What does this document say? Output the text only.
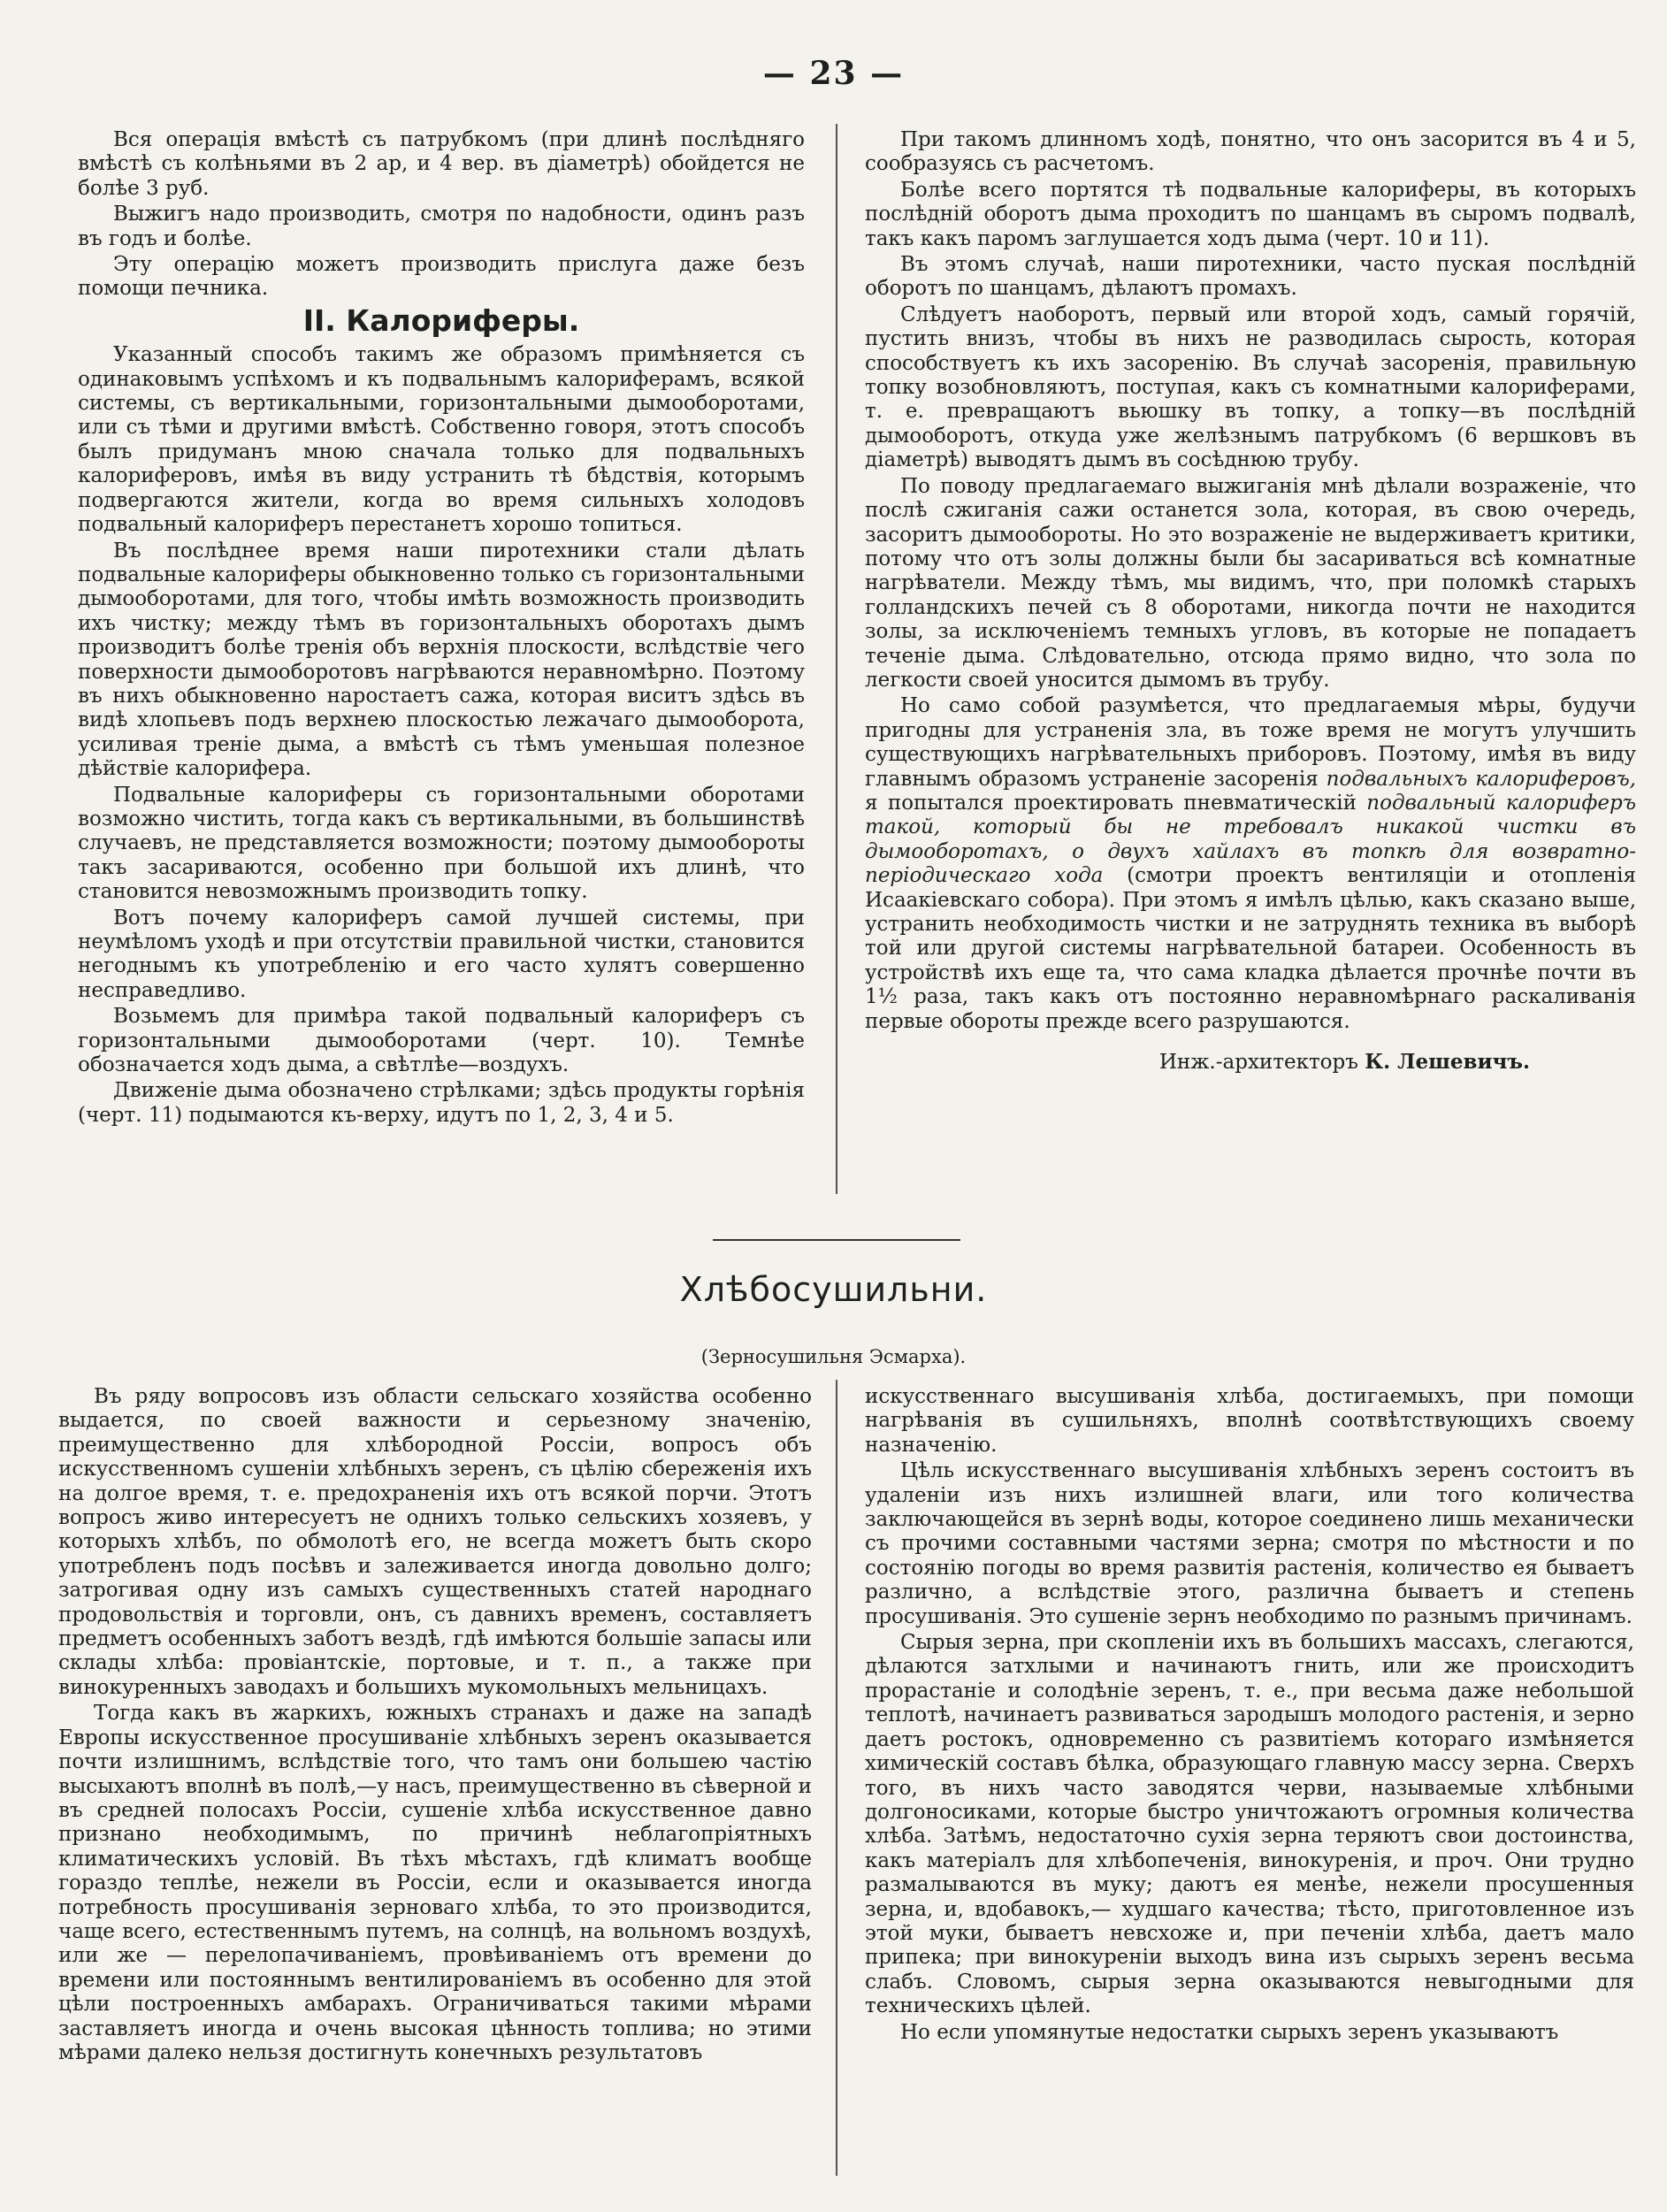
— 23 —

Вся операція вмѣстѣ съ патрубкомъ (при длинѣ послѣдняго вмѣстѣ съ колѣньями въ 2 ар, и 4 вер. въ діаметрѣ) обойдется не болѣе 3 руб.

Выжигъ надо производить, смотря по надобности, одинъ разъ въ годъ и болѣе.

Эту операцію можетъ производить прислуга даже безъ помощи печника.

II. Калориферы.

Указанный способъ такимъ же образомъ примѣняется съ одинаковымъ успѣхомъ и къ подвальнымъ калориферамъ, всякой системы, съ вертикальными, горизонтальными дымооборотами, или съ тѣми и другими вмѣстѣ. Собственно говоря, этотъ способъ былъ придуманъ мною сначала только для подвальныхъ калориферовъ, имѣя въ виду устранить тѣ бѣдствія, которымъ подвергаются жители, когда во время сильныхъ холодовъ подвальный калориферъ перестанетъ хорошо топиться.

Въ послѣднее время наши пиротехники стали дѣлать подвальные калориферы обыкновенно только съ горизонтальными дымооборотами, для того, чтобы имѣть возможность производить ихъ чистку; между тѣмъ въ горизонтальныхъ оборотахъ дымъ производитъ болѣе тренія объ верхнія плоскости, вслѣдствіе чего поверхности дымооборотовъ нагрѣваются неравномѣрно. Поэтому въ нихъ обыкновенно наростаетъ сажа, которая виситъ здѣсь въ видѣ хлопьевъ подъ верхнею плоскостью лежачаго дымооборота, усиливая треніе дыма, а вмѣстѣ съ тѣмъ уменьшая полезное дѣйствіе калорифера.

Подвальные калориферы съ горизонтальными оборотами возможно чистить, тогда какъ съ вертикальными, въ большинствѣ случаевъ, не представляется возможности; поэтому дымообороты такъ засариваются, особенно при большой ихъ длинѣ, что становится невозможнымъ производить топку.

Вотъ почему калориферъ самой лучшей системы, при неумѣломъ уходѣ и при отсутствіи правильной чистки, становится негоднымъ къ употребленію и его часто хулятъ совершенно несправедливо.

Возьмемъ для примѣра такой подвальный калориферъ съ горизонтальными дымооборотами (черт. 10). Темнѣе обозначается ходъ дыма, а свѣтлѣе—воздухъ.

Движеніе дыма обозначено стрѣлками; здѣсь продукты горѣнія (черт. 11) подымаются къ-верху, идутъ по 1, 2, 3, 4 и 5.

При такомъ длинномъ ходѣ, понятно, что онъ засорится въ 4 и 5, сообразуясь съ расчетомъ.

Болѣе всего портятся тѣ подвальные калориферы, въ которыхъ послѣдній оборотъ дыма проходитъ по шанцамъ въ сыромъ подвалѣ, такъ какъ паромъ заглушается ходъ дыма (черт. 10 и 11).

Въ этомъ случаѣ, наши пиротехники, часто пуская послѣдній оборотъ по шанцамъ, дѣлаютъ промахъ.

Слѣдуетъ наоборотъ, первый или второй ходъ, самый горячій, пустить внизъ, чтобы въ нихъ не разводилась сырость, которая способствуетъ къ ихъ засоренію. Въ случаѣ засоренія, правильную топку возобновляютъ, поступая, какъ съ комнатными калориферами, т. е. превращаютъ вьюшку въ топку, а топку—въ послѣдній дымооборотъ, откуда уже желѣзнымъ патрубкомъ (6 вершковъ въ діаметрѣ) выводятъ дымъ въ сосѣднюю трубу.

По поводу предлагаемаго выжиганія мнѣ дѣлали возраженіе, что послѣ сжиганія сажи останется зола, которая, въ свою очередь, засоритъ дымообороты. Но это возраженіе не выдерживаетъ критики, потому что отъ золы должны были бы засариваться всѣ комнатные нагрѣватели. Между тѣмъ, мы видимъ, что, при поломкѣ старыхъ голландскихъ печей съ 8 оборотами, никогда почти не находится золы, за исключеніемъ темныхъ угловъ, въ которые не попадаетъ теченіе дыма. Слѣдовательно, отсюда прямо видно, что зола по легкости своей уносится дымомъ въ трубу.

Но само собой разумѣется, что предлагаемыя мѣры, будучи пригодны для устраненія зла, въ тоже время не могутъ улучшить существующихъ нагрѣвательныхъ приборовъ. Поэтому, имѣя въ виду главнымъ образомъ устраненіе засоренія подвальныхъ калориферовъ, я попытался проектировать пневматическій подвальный калориферъ такой, который бы не требовалъ никакой чистки въ дымооборотахъ, о двухъ хайлахъ въ топкѣ для возвратно-періодическаго хода (смотри проектъ вентиляціи и отопленія Исаакіевскаго собора). При этомъ я имѣлъ цѣлью, какъ сказано выше, устранить необходимость чистки и не затруднять техника въ выборѣ той или другой системы нагрѣвательной батареи. Особенность въ устройствѣ ихъ еще та, что сама кладка дѣлается прочнѣе почти въ 1½ раза, такъ какъ отъ постоянно неравномѣрнаго раскаливанія первые обороты прежде всего разрушаются.

Инж.-архитекторъ К. Лешевичъ.

Хлѣбосушильни.
(Зерносушильня Эсмарха).

Въ ряду вопросовъ изъ области сельскаго хозяйства особенно выдается, по своей важности и серьезному значенію, преимущественно для хлѣбородной Россіи, вопросъ объ искусственномъ сушеніи хлѣбныхъ зеренъ, съ цѣлію сбереженія ихъ на долгое время, т. е. предохраненія ихъ отъ всякой порчи. Этотъ вопросъ живо интересуетъ не однихъ только сельскихъ хозяевъ, у которыхъ хлѣбъ, по обмолотѣ его, не всегда можетъ быть скоро употребленъ подъ посѣвъ и залеживается иногда довольно долго; затрогивая одну изъ самыхъ существенныхъ статей народнаго продовольствія и торговли, онъ, съ давнихъ временъ, составляетъ предметъ особенныхъ заботъ вездѣ, гдѣ имѣются большіе запасы или склады хлѣба: провіантскіе, портовые, и т. п., а также при винокуренныхъ заводахъ и большихъ мукомольныхъ мельницахъ.

Тогда какъ въ жаркихъ, южныхъ странахъ и даже на западѣ Европы искусственное просушиваніе хлѣбныхъ зеренъ оказывается почти излишнимъ, вслѣдствіе того, что тамъ они большею частію высыхаютъ вполнѣ въ полѣ,—у насъ, преимущественно въ сѣверной и въ средней полосахъ Россіи, сушеніе хлѣба искусственное давно признано необходимымъ, по причинѣ неблагопріятныхъ климатическихъ условій. Въ тѣхъ мѣстахъ, гдѣ климатъ вообще гораздо теплѣе, нежели въ Россіи, если и оказывается иногда потребность просушиванія зерноваго хлѣба, то это производится, чаще всего, естественнымъ путемъ, на солнцѣ, на вольномъ воздухѣ, или же — перелопачиваніемъ, провѣиваніемъ отъ времени до времени или постояннымъ вентилированіемъ въ особенно для этой цѣли построенныхъ амбарахъ. Ограничиваться такими мѣрами заставляетъ иногда и очень высокая цѣнность топлива; но этими мѣрами далеко нельзя достигнуть конечныхъ результатовъ

искусственнаго высушиванія хлѣба, достигаемыхъ, при помощи нагрѣванія въ сушильняхъ, вполнѣ соотвѣтствующихъ своему назначенію.

Цѣль искусственнаго высушиванія хлѣбныхъ зеренъ состоитъ въ удаленіи изъ нихъ излишней влаги, или того количества заключающейся въ зернѣ воды, которое соединено лишь механически съ прочими составными частями зерна; смотря по мѣстности и по состоянію погоды во время развитія растенія, количество ея бываетъ различно, а вслѣдствіе этого, различна бываетъ и степень просушиванія. Это сушеніе зернъ необходимо по разнымъ причинамъ.

Сырыя зерна, при скопленіи ихъ въ большихъ массахъ, слегаются, дѣлаются затхлыми и начинаютъ гнить, или же происходитъ прорастаніе и солодѣніе зеренъ, т. е., при весьма даже небольшой теплотѣ, начинаетъ развиваться зародышъ молодого растенія, и зерно даетъ ростокъ, одновременно съ развитіемъ котораго измѣняется химическій составъ бѣлка, образующаго главную массу зерна. Сверхъ того, въ нихъ часто заводятся черви, называемые хлѣбными долгоносиками, которые быстро уничтожаютъ огромныя количества хлѣба. Затѣмъ, недостаточно сухія зерна теряютъ свои достоинства, какъ матеріалъ для хлѣбопеченія, винокуренія, и проч. Они трудно размалываются въ муку; даютъ ея менѣе, нежели просушенныя зерна, и, вдобавокъ,— худшаго качества; тѣсто, приготовленное изъ этой муки, бываетъ невсхоже и, при печеніи хлѣба, даетъ мало припека; при винокуреніи выходъ вина изъ сырыхъ зеренъ весьма слабъ. Словомъ, сырыя зерна оказываются невыгодными для техническихъ цѣлей.

Но если упомянутые недостатки сырыхъ зеренъ указываютъ
